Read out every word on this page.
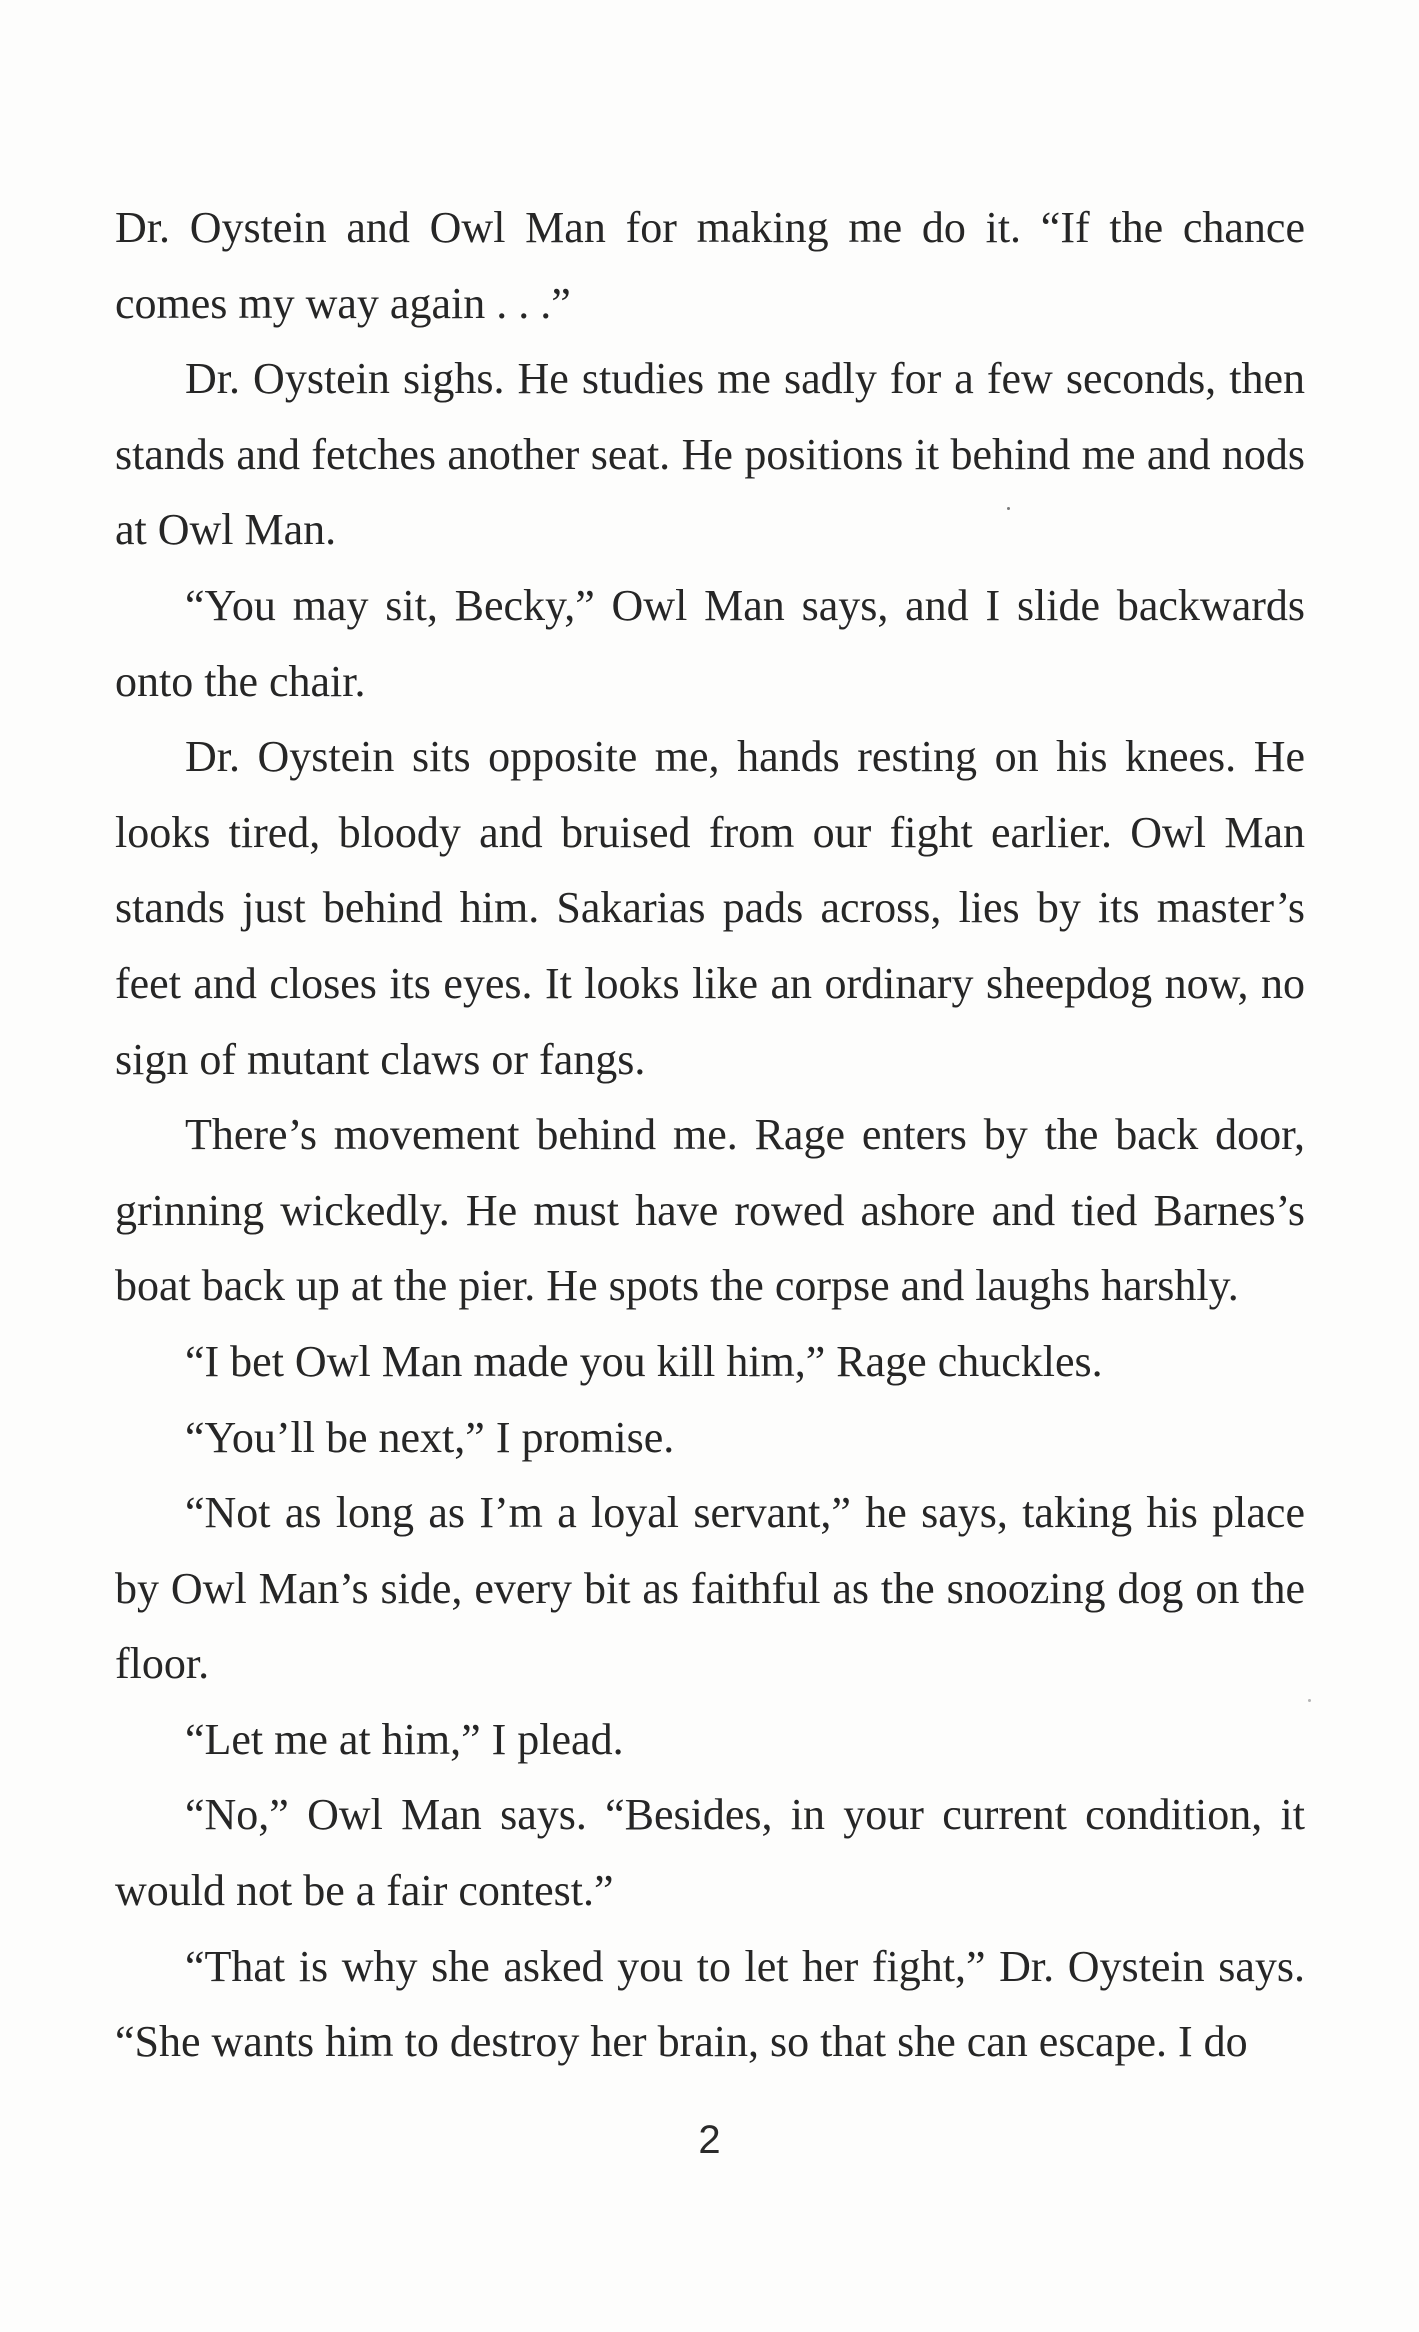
Dr. Oystein and Owl Man for making me do it. “If the chance comes my way again . . .”

Dr. Oystein sighs. He studies me sadly for a few seconds, then stands and fetches another seat. He positions it behind me and nods at Owl Man.

“You may sit, Becky,” Owl Man says, and I slide backwards onto the chair.

Dr. Oystein sits opposite me, hands resting on his knees. He looks tired, bloody and bruised from our fight earlier. Owl Man stands just behind him. Sakarias pads across, lies by its master’s feet and closes its eyes. It looks like an ordinary sheepdog now, no sign of mutant claws or fangs.

There’s movement behind me. Rage enters by the back door, grinning wickedly. He must have rowed ashore and tied Barnes’s boat back up at the pier. He spots the corpse and laughs harshly.

“I bet Owl Man made you kill him,” Rage chuckles.

“You’ll be next,” I promise.

“Not as long as I’m a loyal servant,” he says, taking his place by Owl Man’s side, every bit as faithful as the snoozing dog on the floor.

“Let me at him,” I plead.

“No,” Owl Man says. “Besides, in your current condition, it would not be a fair contest.”

“That is why she asked you to let her fight,” Dr. Oystein says. “She wants him to destroy her brain, so that she can escape. I do

2
